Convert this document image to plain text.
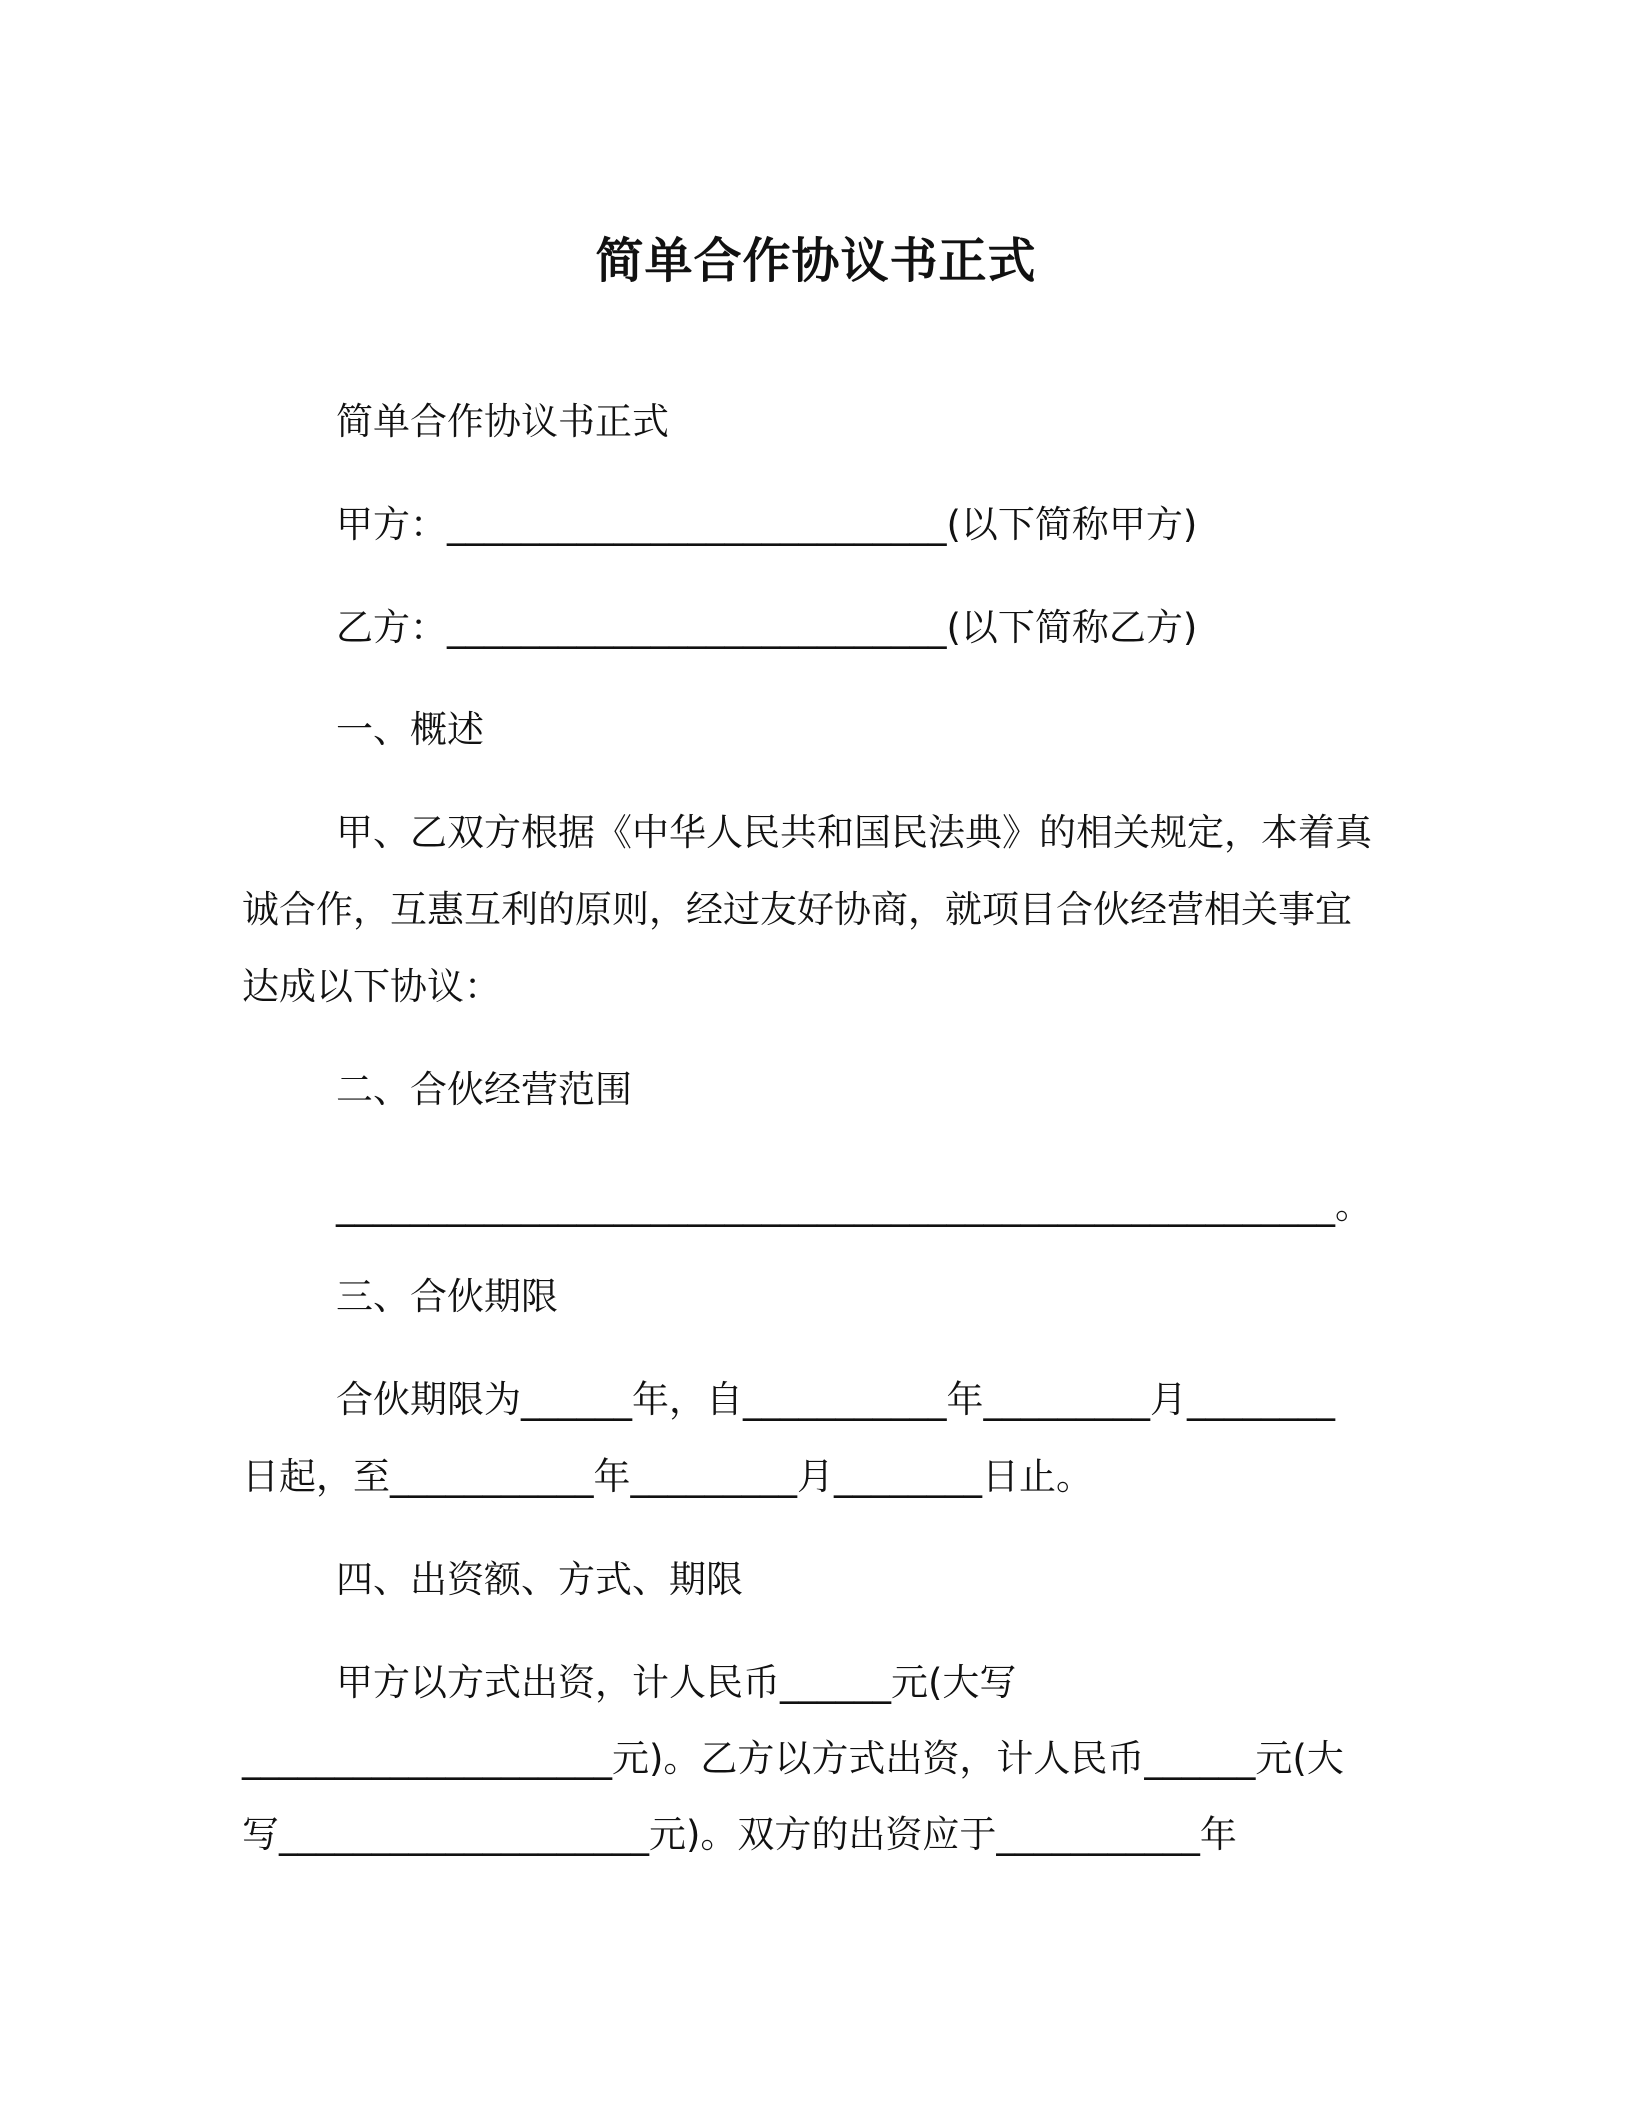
简单合作协议书正式
简单合作协议书正式
甲方：___________________________(以下简称甲方)
乙方：___________________________(以下简称乙方)
一、概述
甲、乙双方根据《中华人民共和国民法典》的相关规定，本着真
诚合作，互惠互利的原则，经过友好协商，就项目合伙经营相关事宜
达成以下协议：
二、合伙经营范围
______________________________________________________。
三、合伙期限
合伙期限为______年，自___________年_________月________
日起，至___________年_________月________日止。
四、出资额、方式、期限
甲方以方式出资，计人民币______元(大写
____________________元)。乙方以方式出资，计人民币______元(大
写____________________元)。双方的出资应于___________年
